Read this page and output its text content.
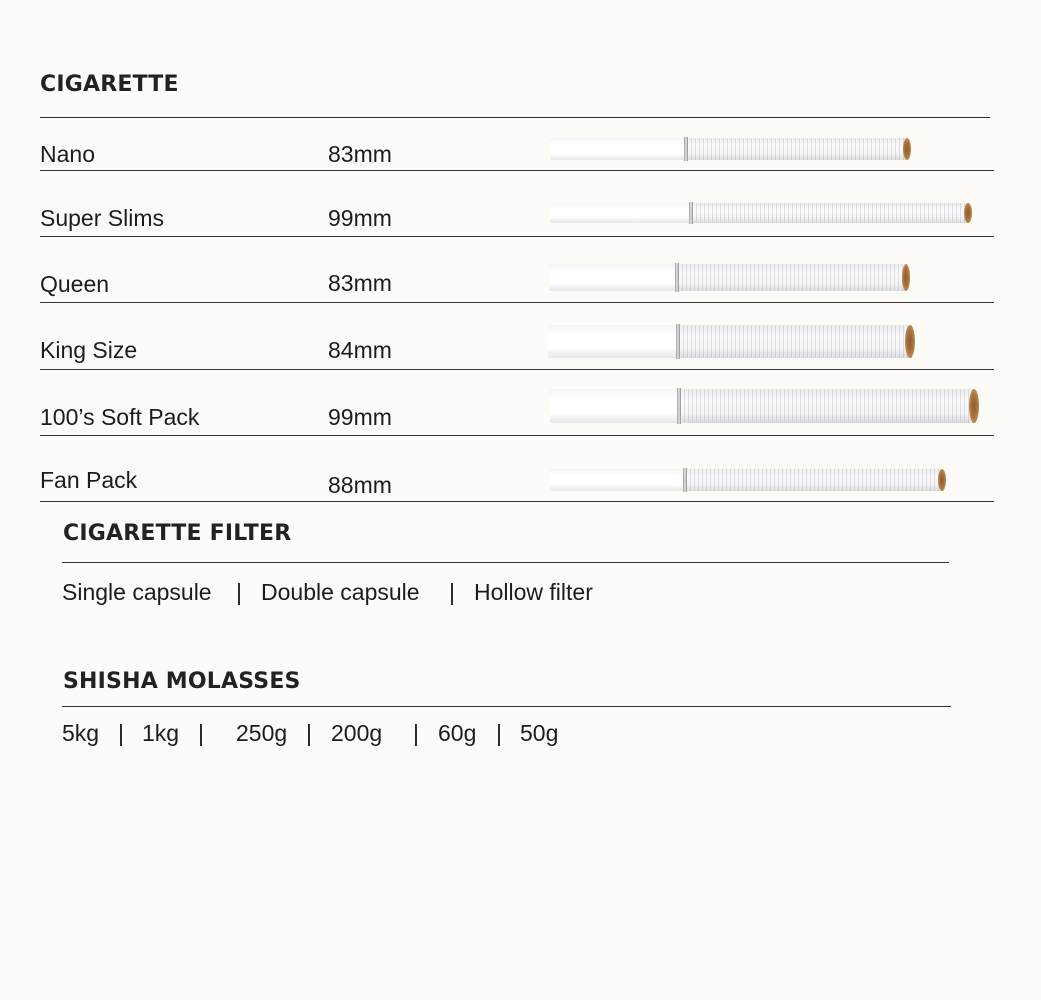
CIGARETTE
Nano	83mm
Super Slims	99mm
Queen	83mm
King Size	84mm
100’s Soft Pack	99mm
Fan Pack	88mm
CIGARETTE FILTER
Single capsule | Double capsule | Hollow filter
SHISHA MOLASSES
5kg | 1kg | 250g | 200g | 60g | 50g
